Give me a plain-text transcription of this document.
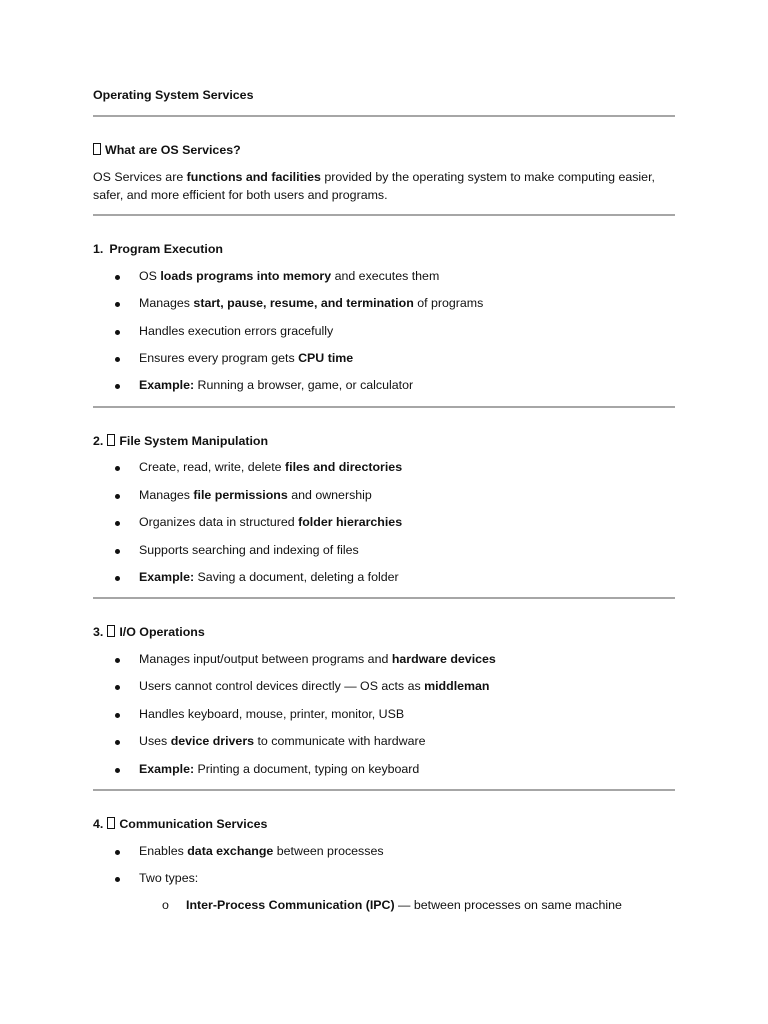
Operating System Services
What are OS Services?
OS Services are functions and facilities provided by the operating system to make computing easier, safer, and more efficient for both users and programs.
1. Program Execution
OS loads programs into memory and executes them
Manages start, pause, resume, and termination of programs
Handles execution errors gracefully
Ensures every program gets CPU time
Example: Running a browser, game, or calculator
2. File System Manipulation
Create, read, write, delete files and directories
Manages file permissions and ownership
Organizes data in structured folder hierarchies
Supports searching and indexing of files
Example: Saving a document, deleting a folder
3. I/O Operations
Manages input/output between programs and hardware devices
Users cannot control devices directly — OS acts as middleman
Handles keyboard, mouse, printer, monitor, USB
Uses device drivers to communicate with hardware
Example: Printing a document, typing on keyboard
4. Communication Services
Enables data exchange between processes
Two types:
o Inter-Process Communication (IPC) — between processes on same machine
